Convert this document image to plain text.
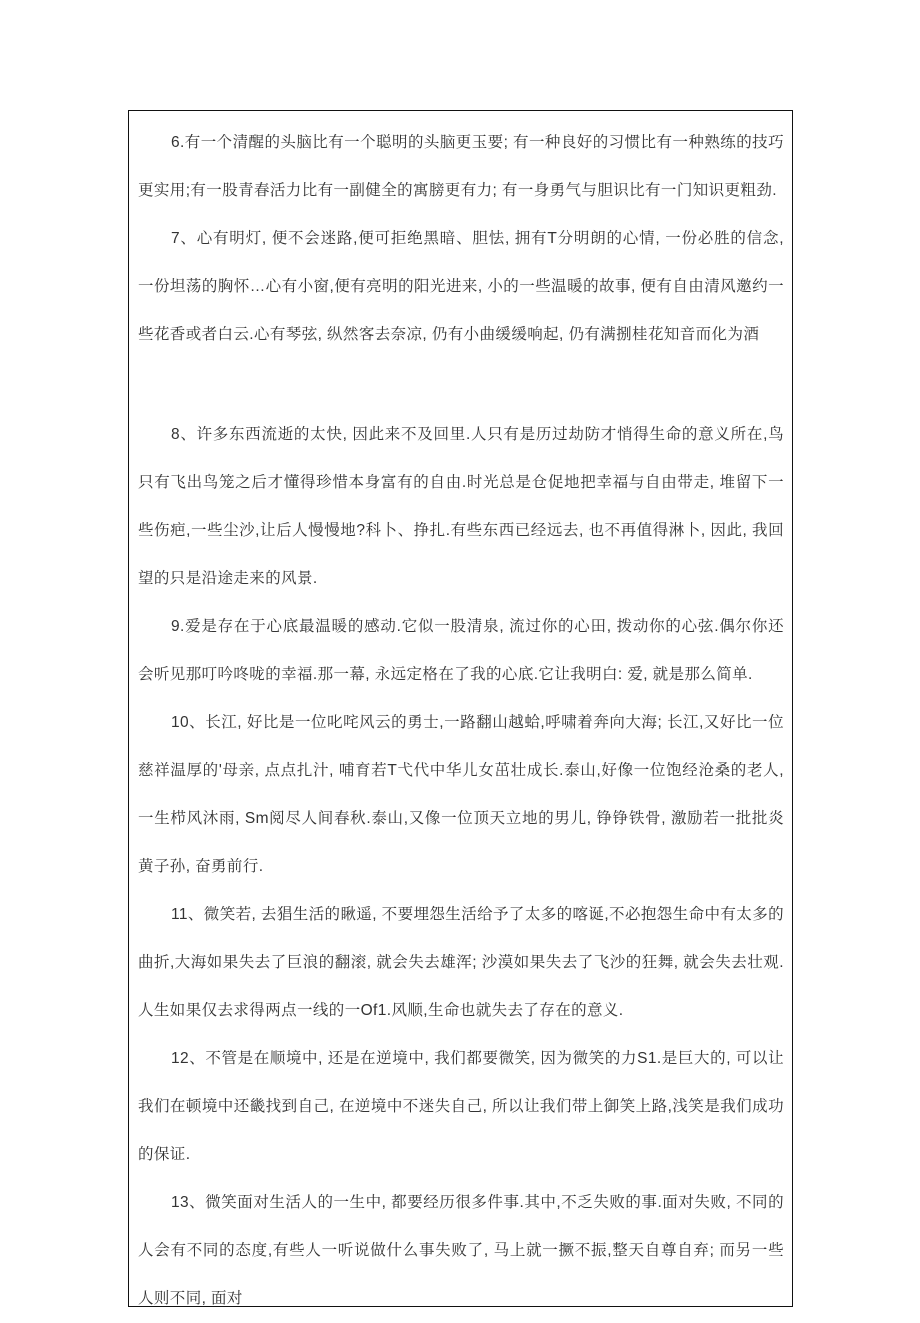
6.有一个清醒的头脑比有一个聪明的头脑更玉要; 有一种良好的习惯比有一种熟练的技巧更实用;有一股青春活力比有一副健全的寓膀更有力; 有一身勇气与胆识比有一门知识更粗劲.

7、心有明灯, 便不会迷路,便可拒绝黑暗、胆怯, 拥有T分明朗的心情, 一份必胜的信念, 一份坦荡的胸怀…心有小窗,便有亮明的阳光进来, 小的一些温暖的故事, 便有自由清风邀约一些花香或者白云.心有琴弦, 纵然客去奈凉, 仍有小曲缓缓响起, 仍有满捌桂花知音而化为酒

8、许多东西流逝的太快, 因此来不及回里.人只有是历过劫防才悄得生命的意义所在,鸟只有飞出鸟笼之后才懂得珍惜本身富有的自由.时光总是仓促地把幸福与自由带走, 堆留下一些伤疤,一些尘沙,让后人慢慢地?科卜、挣扎.有些东西已经远去, 也不再值得淋卜, 因此, 我回望的只是沿途走来的风景.

9.爱是存在于心底最温暖的感动.它似一股清泉, 流过你的心田, 拨动你的心弦.偶尔你还会听见那叮吟咚咙的幸福.那一幕, 永远定格在了我的心底.它让我明白: 爱, 就是那么简单.

10、长江, 好比是一位叱咤风云的勇士,一路翻山越蛤,呼啸着奔向大海; 长江,又好比一位慈祥温厚的'母亲, 点点扎汁, 哺育若T弋代中华儿女茁壮成长.泰山,好像一位饱经沧桑的老人, 一生栉风沐雨, Sm阅尽人间春秋.泰山,又像一位顶天立地的男儿, 铮铮铁骨, 激励若一批批炎黄子孙, 奋勇前行.

11、微笑若, 去猖生活的瞅遥, 不要埋怨生活给予了太多的喀诞,不必抱怨生命中有太多的曲折,大海如果失去了巨浪的翻滚, 就会失去雄浑; 沙漠如果失去了飞沙的狂舞, 就会失去壮观.人生如果仅去求得两点一线的一Of1.风顺,生命也就失去了存在的意义.

12、不管是在顺境中, 还是在逆境中, 我们都要微笑, 因为微笑的力S1.是巨大的, 可以让我们在顿境中还畿找到自己, 在逆境中不迷失自己, 所以让我们带上御笑上路,浅笑是我们成功的保证.

13、微笑面对生活人的一生中, 都要经历很多件事.其中,不乏失败的事.面对失败, 不同的人会有不同的态度,有些人一听说做什么事失败了, 马上就一撅不振,整天自尊自弃; 而另一些人则不同, 面对
